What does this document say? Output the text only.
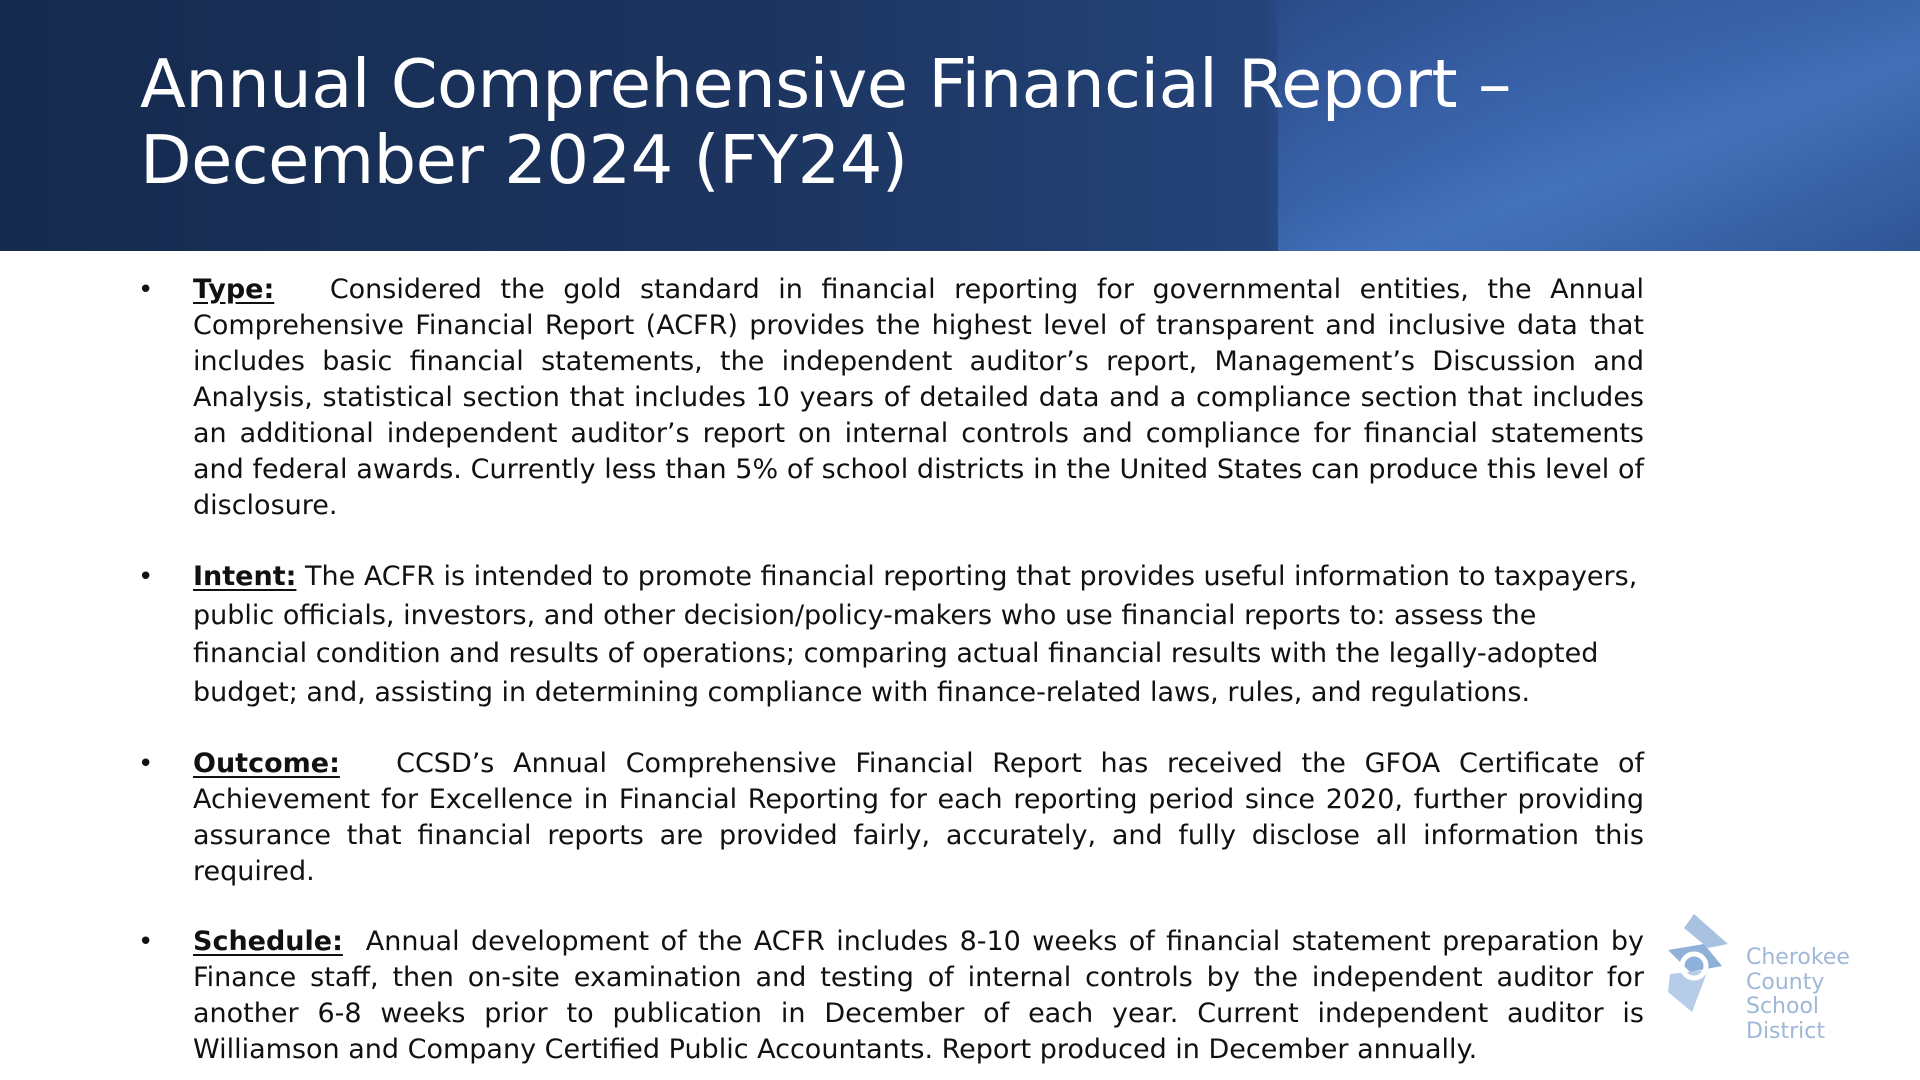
Annual Comprehensive Financial Report –
December 2024 (FY24)
• Type: Considered the gold standard in financial reporting for governmental entities, the Annual Comprehensive Financial Report (ACFR) provides the highest level of transparent and inclusive data that includes basic financial statements, the independent auditor’s report, Management’s Discussion and Analysis, statistical section that includes 10 years of detailed data and a compliance section that includes an additional independent auditor’s report on internal controls and compliance for financial statements and federal awards. Currently less than 5% of school districts in the United States can produce this level of disclosure.
• Intent: The ACFR is intended to promote financial reporting that provides useful information to taxpayers, public officials, investors, and other decision/policy-makers who use financial reports to: assess the financial condition and results of operations; comparing actual financial results with the legally-adopted budget; and, assisting in determining compliance with finance-related laws, rules, and regulations.
• Outcome: CCSD’s Annual Comprehensive Financial Report has received the GFOA Certificate of Achievement for Excellence in Financial Reporting for each reporting period since 2020, further providing assurance that financial reports are provided fairly, accurately, and fully disclose all information this required.
• Schedule: Annual development of the ACFR includes 8-10 weeks of financial statement preparation by Finance staff, then on-site examination and testing of internal controls by the independent auditor for another 6-8 weeks prior to publication in December of each year. Current independent auditor is Williamson and Company Certified Public Accountants. Report produced in December annually.
Cherokee
County
School
District
